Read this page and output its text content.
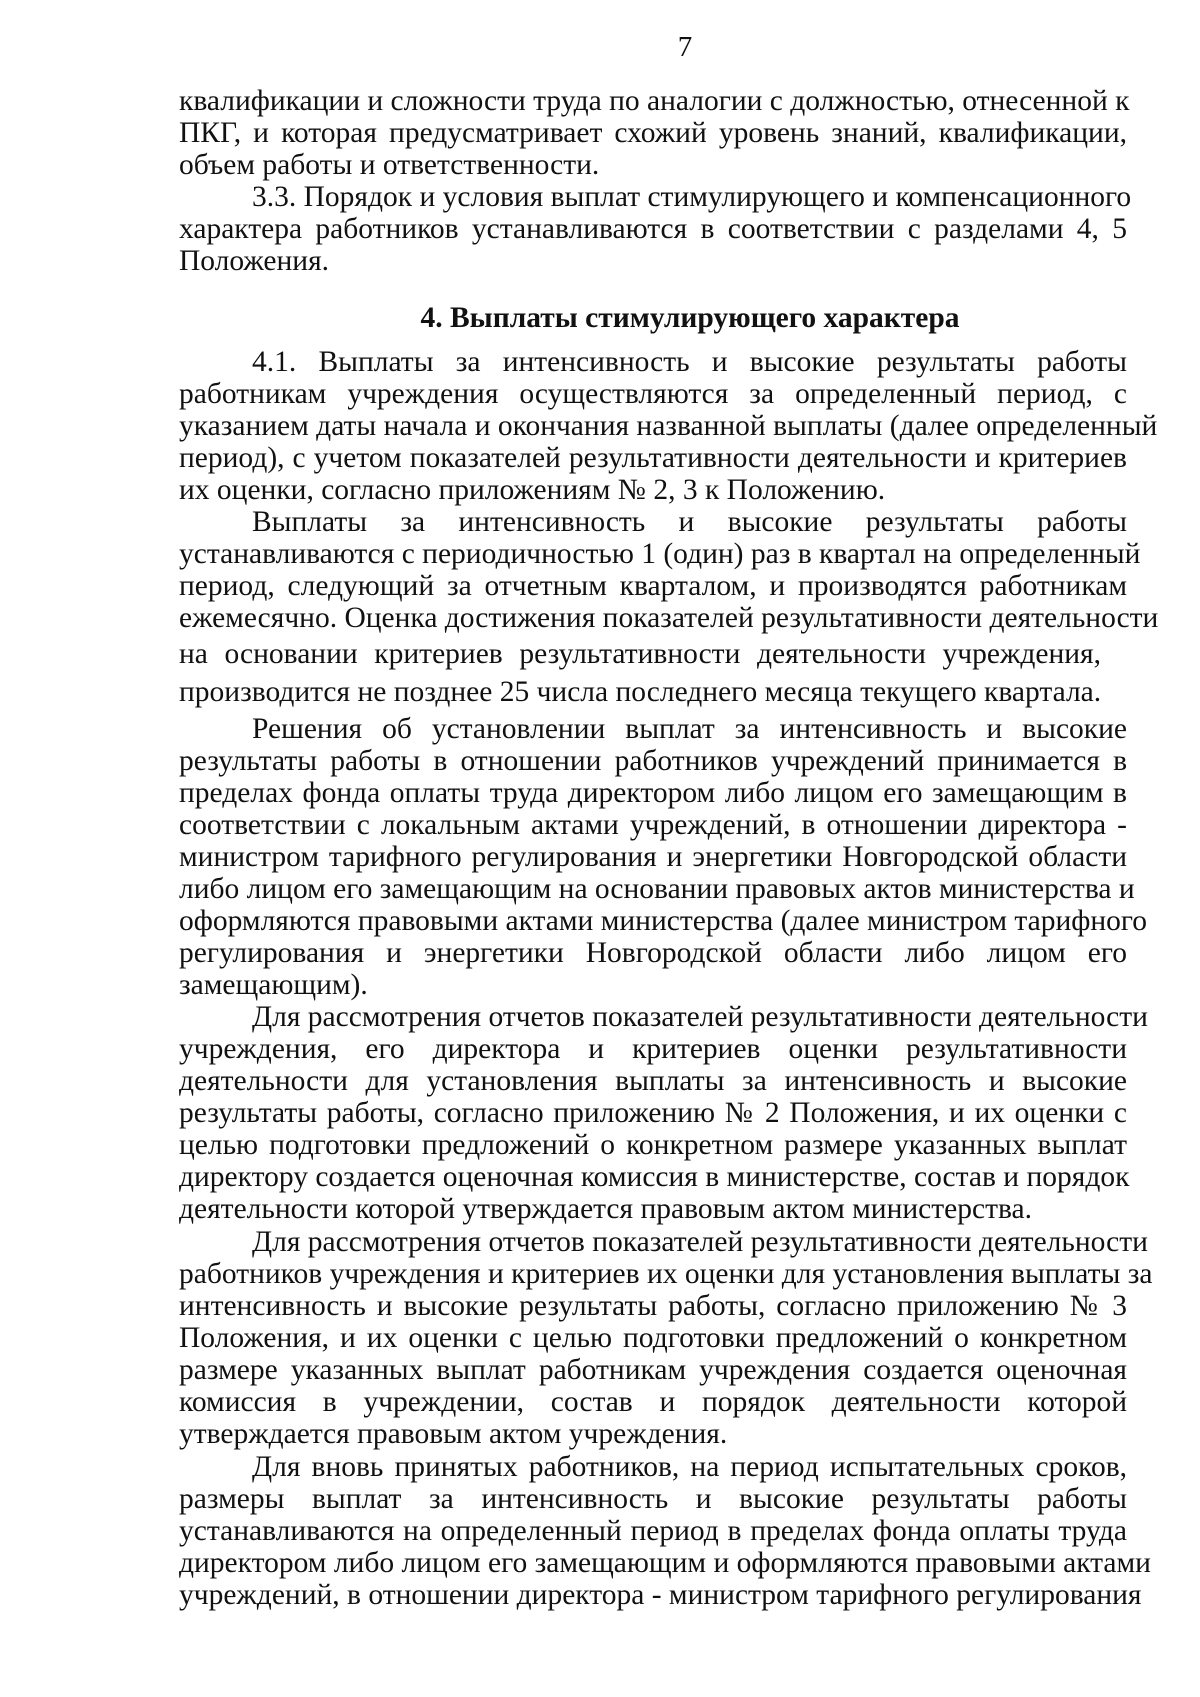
7
квалификации и сложности труда по аналогии с должностью, отнесенной к
ПКГ, и которая предусматривает схожий уровень знаний, квалификации,
объем работы и ответственности.
3.3. Порядок и условия выплат стимулирующего и компенсационного
характера работников устанавливаются в соответствии с разделами 4, 5
Положения.
4. Выплаты стимулирующего характера
4.1. Выплаты за интенсивность и высокие результаты работы
работникам учреждения осуществляются за определенный период, с
указанием даты начала и окончания названной выплаты (далее определенный
период), с учетом показателей результативности деятельности и критериев
их оценки, согласно приложениям № 2, 3 к Положению.
Выплаты за интенсивность и высокие результаты работы
устанавливаются с периодичностью 1 (один) раз в квартал на определенный
период, следующий за отчетным кварталом, и производятся работникам
ежемесячно. Оценка достижения показателей результативности деятельности
на основании критериев результативности деятельности учреждения,
производится не позднее 25 числа последнего месяца текущего квартала.
Решения об установлении выплат за интенсивность и высокие
результаты работы в отношении работников учреждений принимается в
пределах фонда оплаты труда директором либо лицом его замещающим в
соответствии с локальным актами учреждений, в отношении директора -
министром тарифного регулирования и энергетики Новгородской области
либо лицом его замещающим на основании правовых актов министерства и
оформляются правовыми актами министерства (далее министром тарифного
регулирования и энергетики Новгородской области либо лицом его
замещающим).
Для рассмотрения отчетов показателей результативности деятельности
учреждения, его директора и критериев оценки результативности
деятельности для установления выплаты за интенсивность и высокие
результаты работы, согласно приложению № 2 Положения, и их оценки с
целью подготовки предложений о конкретном размере указанных выплат
директору создается оценочная комиссия в министерстве, состав и порядок
деятельности которой утверждается правовым актом министерства.
Для рассмотрения отчетов показателей результативности деятельности
работников учреждения и критериев их оценки для установления выплаты за
интенсивность и высокие результаты работы, согласно приложению № 3
Положения, и их оценки с целью подготовки предложений о конкретном
размере указанных выплат работникам учреждения создается оценочная
комиссия в учреждении, состав и порядок деятельности которой
утверждается правовым актом учреждения.
Для вновь принятых работников, на период испытательных сроков,
размеры выплат за интенсивность и высокие результаты работы
устанавливаются на определенный период в пределах фонда оплаты труда
директором либо лицом его замещающим и оформляются правовыми актами
учреждений, в отношении директора - министром тарифного регулирования
